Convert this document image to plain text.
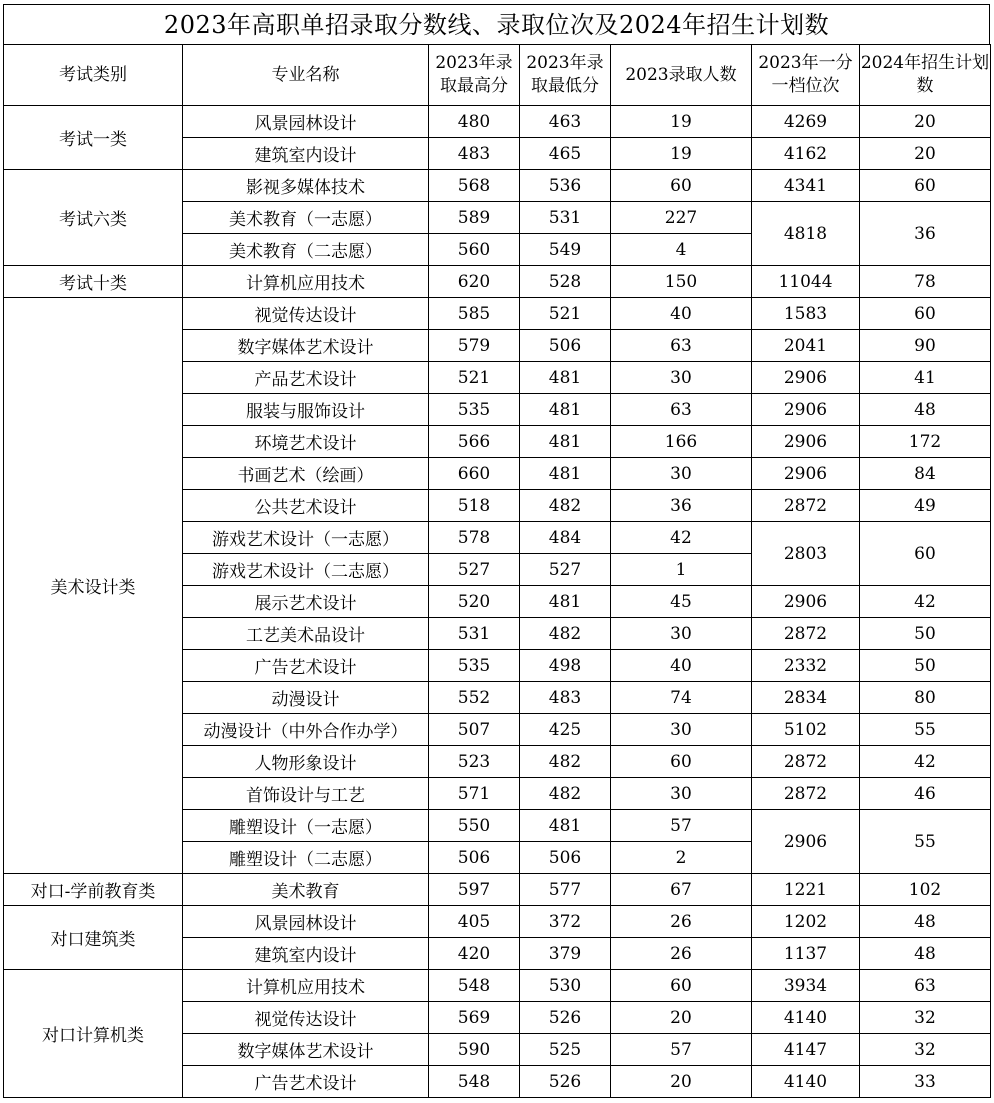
2023年高职单招录取分数线、录取位次及2024年招生计划数
考试类别	专业名称	2023年录取最高分	2023年录取最低分	2023录取人数	2023年一分一档位次	2024年招生计划数
考试一类	风景园林设计	480	463	19	4269	20
	建筑室内设计	483	465	19	4162	20
考试六类	影视多媒体技术	568	536	60	4341	60
	美术教育（一志愿）	589	531	227	4818	36
	美术教育（二志愿）	560	549	4		
考试十类	计算机应用技术	620	528	150	11044	78
美术设计类	视觉传达设计	585	521	40	1583	60
	数字媒体艺术设计	579	506	63	2041	90
	产品艺术设计	521	481	30	2906	41
	服装与服饰设计	535	481	63	2906	48
	环境艺术设计	566	481	166	2906	172
	书画艺术（绘画）	660	481	30	2906	84
	公共艺术设计	518	482	36	2872	49
	游戏艺术设计（一志愿）	578	484	42	2803	60
	游戏艺术设计（二志愿）	527	527	1		
	展示艺术设计	520	481	45	2906	42
	工艺美术品设计	531	482	30	2872	50
	广告艺术设计	535	498	40	2332	50
	动漫设计	552	483	74	2834	80
	动漫设计（中外合作办学）	507	425	30	5102	55
	人物形象设计	523	482	60	2872	42
	首饰设计与工艺	571	482	30	2872	46
	雕塑设计（一志愿）	550	481	57	2906	55
	雕塑设计（二志愿）	506	506	2		
对口-学前教育类	美术教育	597	577	67	1221	102
对口建筑类	风景园林设计	405	372	26	1202	48
	建筑室内设计	420	379	26	1137	48
对口计算机类	计算机应用技术	548	530	60	3934	63
	视觉传达设计	569	526	20	4140	32
	数字媒体艺术设计	590	525	57	4147	32
	广告艺术设计	548	526	20	4140	33
